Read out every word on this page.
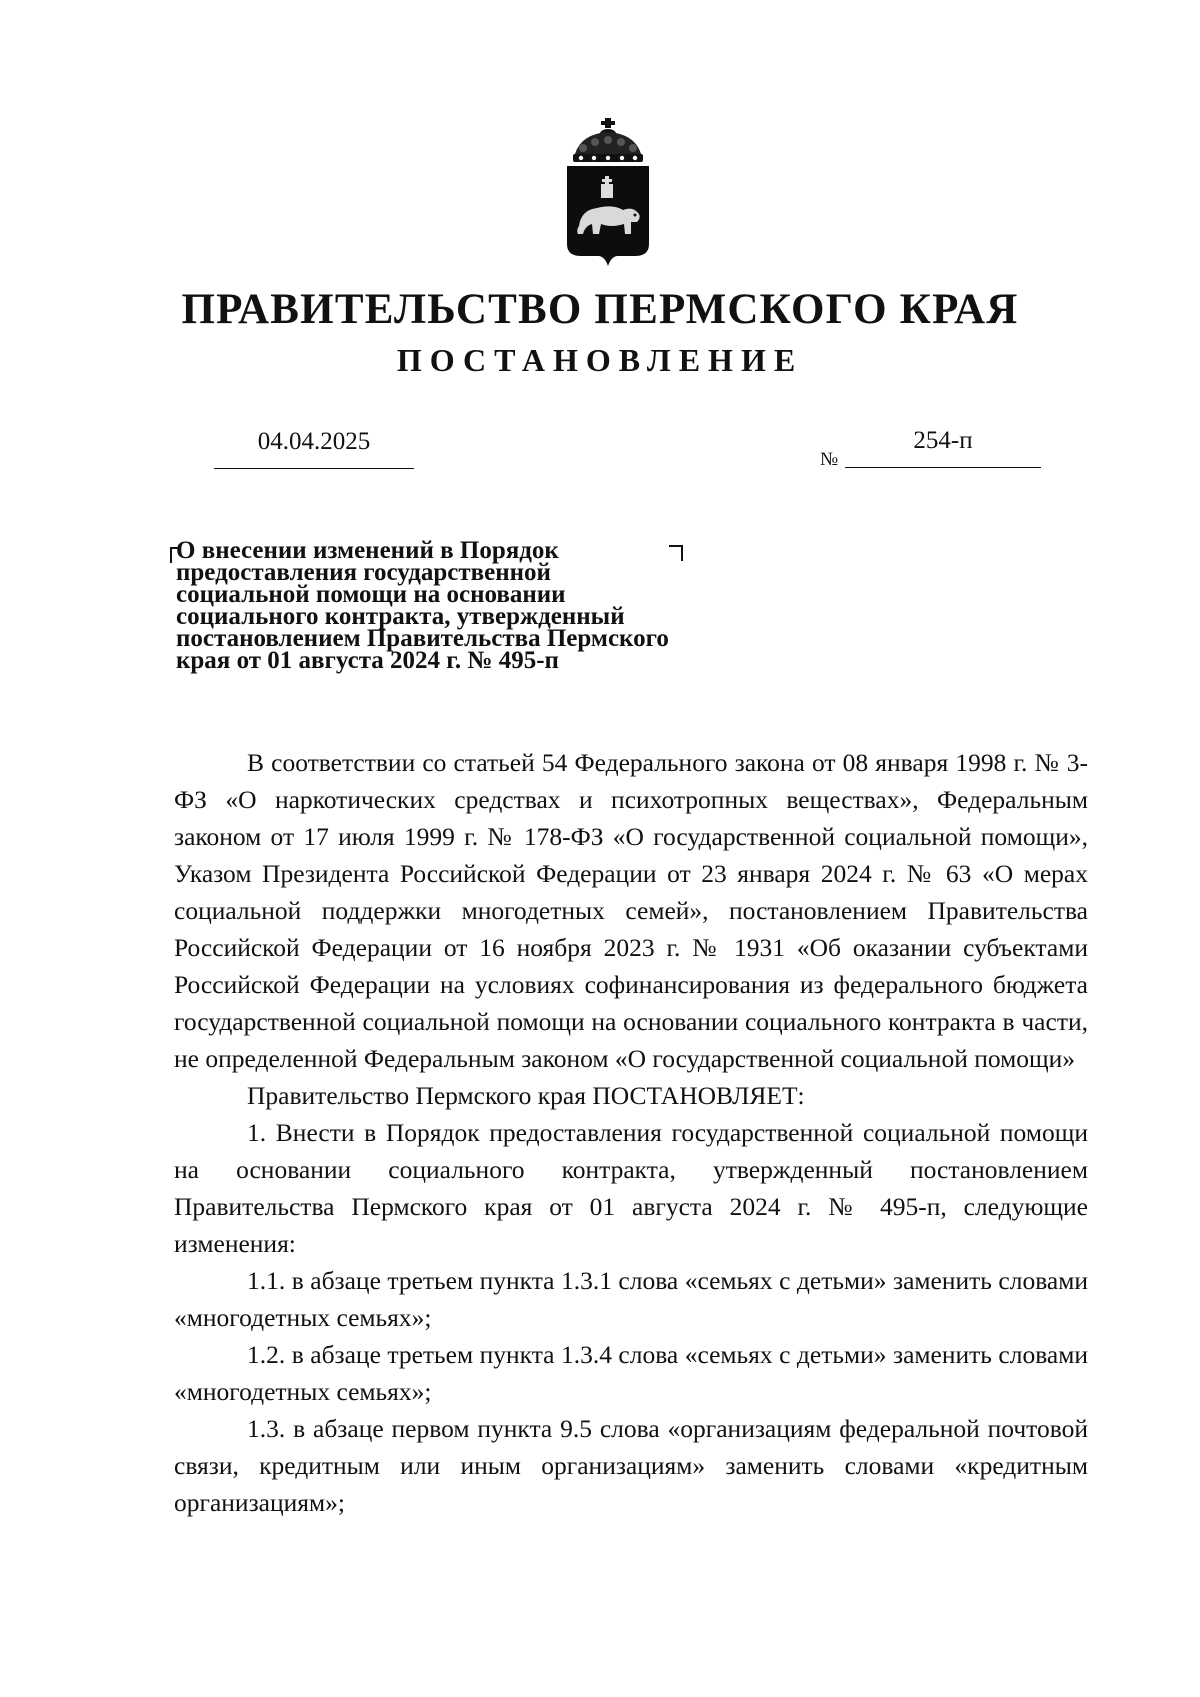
ПРАВИТЕЛЬСТВО ПЕРМСКОГО КРАЯ
ПОСТАНОВЛЕНИЕ
04.04.2025
№
254-п
О внесении изменений в Порядок
предоставления государственной
социальной помощи на основании
социального контракта, утвержденный
постановлением Правительства Пермского
края от 01 августа 2024 г. № 495-п

В соответствии со статьей 54 Федерального закона от 08 января 1998 г. № 3-ФЗ «О наркотических средствах и психотропных веществах», Федеральным законом от 17 июля 1999 г. № 178-ФЗ «О государственной социальной помощи», Указом Президента Российской Федерации от 23 января 2024 г. № 63 «О мерах социальной поддержки многодетных семей», постановлением Правительства Российской Федерации от 16 ноября 2023 г. № 1931 «Об оказании субъектами Российской Федерации на условиях софинансирования из федерального бюджета государственной социальной помощи на основании социального контракта в части, не определенной Федеральным законом «О государственной социальной помощи»

Правительство Пермского края ПОСТАНОВЛЯЕТ:

1. Внести в Порядок предоставления государственной социальной помощи на основании социального контракта, утвержденный постановлением Правительства Пермского края от 01 августа 2024 г. № 495-п, следующие изменения:

1.1. в абзаце третьем пункта 1.3.1 слова «семьях с детьми» заменить словами «многодетных семьях»;

1.2. в абзаце третьем пункта 1.3.4 слова «семьях с детьми» заменить словами «многодетных семьях»;

1.3. в абзаце первом пункта 9.5 слова «организациям федеральной почтовой связи, кредитным или иным организациям» заменить словами «кредитным организациям»;
